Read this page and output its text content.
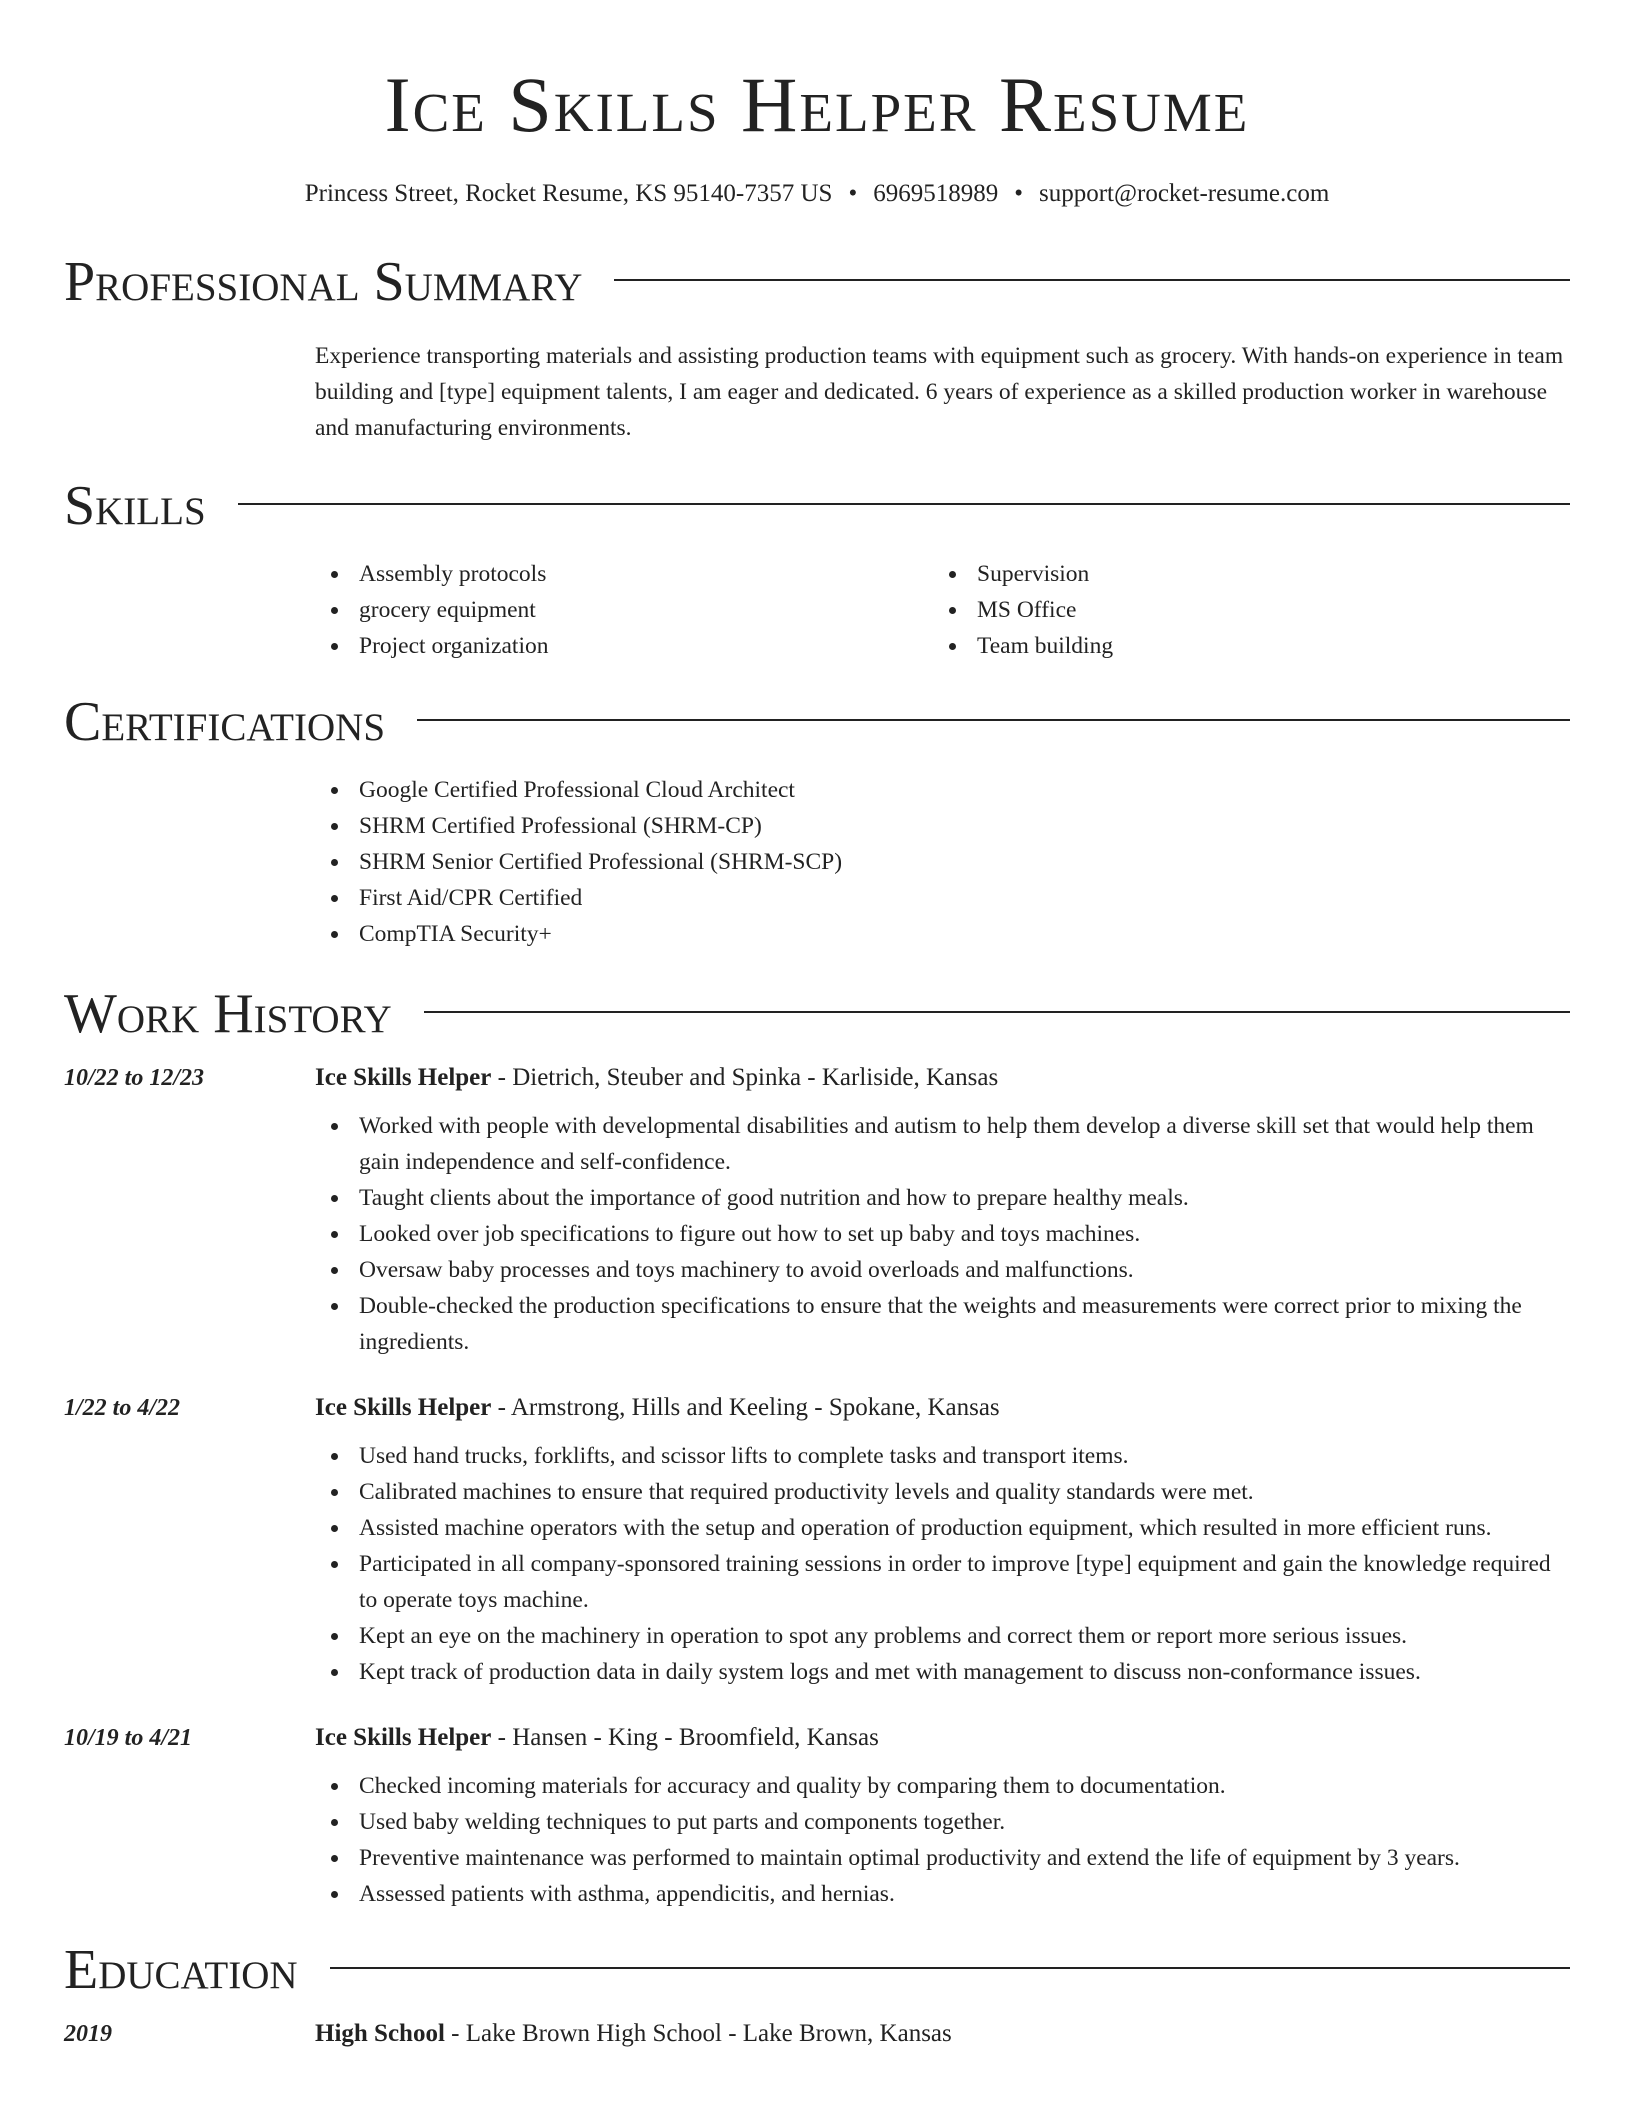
Ice Skills Helper Resume
Princess Street, Rocket Resume, KS 95140-7357 US • 6969518989 • support@rocket-resume.com
Professional Summary

Experience transporting materials and assisting production teams with equipment such as grocery. With hands-on experience in team building and [type] equipment talents, I am eager and dedicated. 6 years of experience as a skilled production worker in warehouse and manufacturing environments.

Skills
Assembly protocols
grocery equipment
Project organization
Supervision
MS Office
Team building
Certifications
Google Certified Professional Cloud Architect
SHRM Certified Professional (SHRM-CP)
SHRM Senior Certified Professional (SHRM-SCP)
First Aid/CPR Certified
CompTIA Security+
Work History
10/22 to 12/23	Ice Skills Helper - Dietrich, Steuber and Spinka - Karliside, Kansas
Worked with people with developmental disabilities and autism to help them develop a diverse skill set that would help them gain independence and self-confidence.
Taught clients about the importance of good nutrition and how to prepare healthy meals.
Looked over job specifications to figure out how to set up baby and toys machines.
Oversaw baby processes and toys machinery to avoid overloads and malfunctions.
Double-checked the production specifications to ensure that the weights and measurements were correct prior to mixing the ingredients.
1/22 to 4/22	Ice Skills Helper - Armstrong, Hills and Keeling - Spokane, Kansas
Used hand trucks, forklifts, and scissor lifts to complete tasks and transport items.
Calibrated machines to ensure that required productivity levels and quality standards were met.
Assisted machine operators with the setup and operation of production equipment, which resulted in more efficient runs.
Participated in all company-sponsored training sessions in order to improve [type] equipment and gain the knowledge required to operate toys machine.
Kept an eye on the machinery in operation to spot any problems and correct them or report more serious issues.
Kept track of production data in daily system logs and met with management to discuss non-conformance issues.
10/19 to 4/21	Ice Skills Helper - Hansen - King - Broomfield, Kansas
Checked incoming materials for accuracy and quality by comparing them to documentation.
Used baby welding techniques to put parts and components together.
Preventive maintenance was performed to maintain optimal productivity and extend the life of equipment by 3 years.
Assessed patients with asthma, appendicitis, and hernias.
Education
2019	High School - Lake Brown High School - Lake Brown, Kansas
